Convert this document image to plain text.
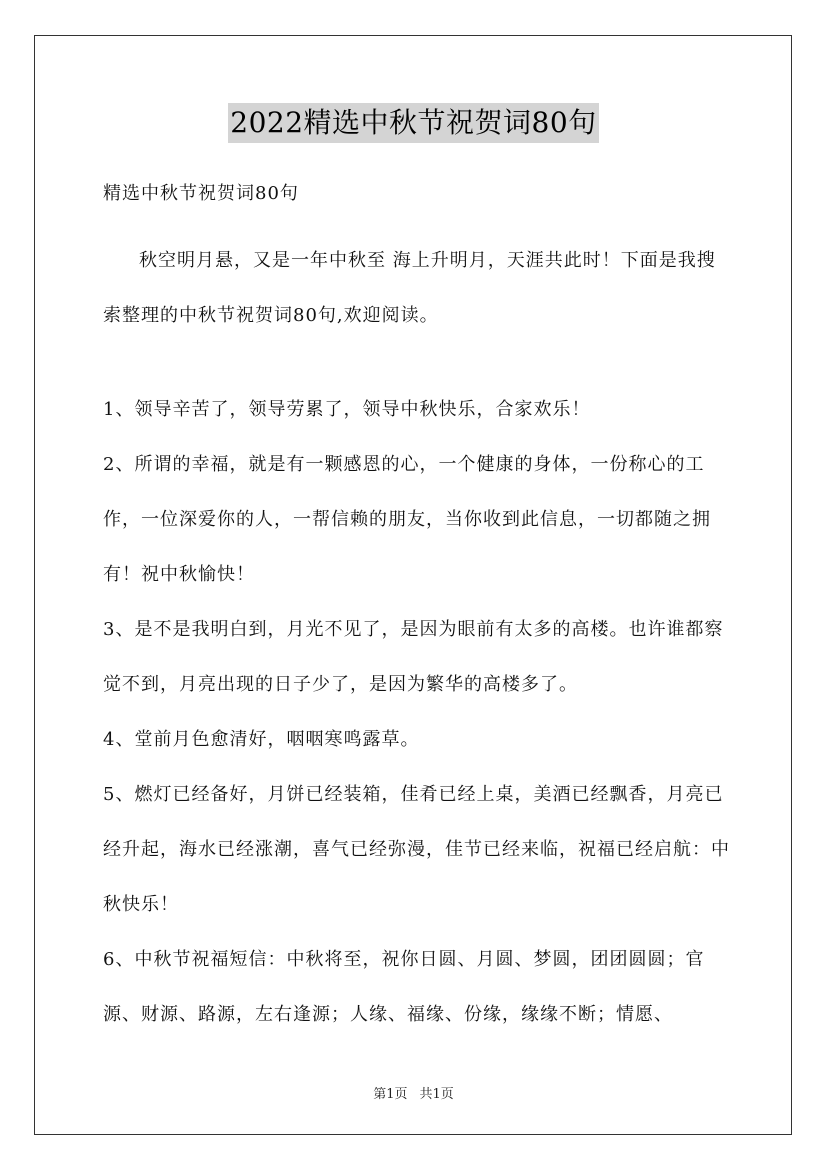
2022精选中秋节祝贺词80句
精选中秋节祝贺词80句
秋空明月悬，又是一年中秋至 海上升明月，天涯共此时！下面是我搜索整理的中秋节祝贺词80句,欢迎阅读。

1、领导辛苦了，领导劳累了，领导中秋快乐，合家欢乐！

2、所谓的幸福，就是有一颗感恩的心，一个健康的身体，一份称心的工作，一位深爱你的人，一帮信赖的朋友，当你收到此信息，一切都随之拥有！祝中秋愉快！

3、是不是我明白到，月光不见了，是因为眼前有太多的高楼。也许谁都察觉不到，月亮出现的日子少了，是因为繁华的高楼多了。

4、堂前月色愈清好，咽咽寒鸣露草。

5、燃灯已经备好，月饼已经装箱，佳肴已经上桌，美酒已经飘香，月亮已经升起，海水已经涨潮，喜气已经弥漫，佳节已经来临，祝福已经启航：中秋快乐！

6、中秋节祝福短信：中秋将至，祝你日圆、月圆、梦圆，团团圆圆；官源、财源、路源，左右逢源；人缘、福缘、份缘，缘缘不断；情愿、

第1页 共1页
